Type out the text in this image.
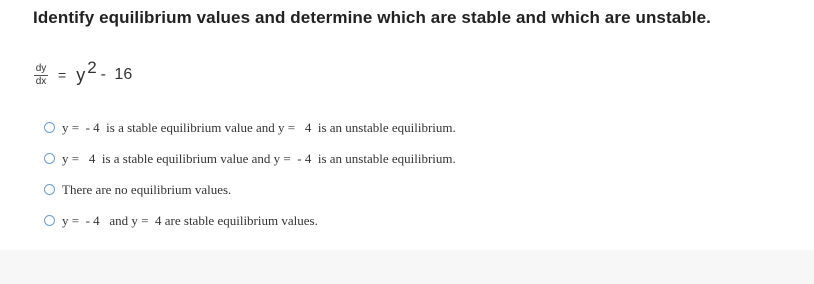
Identify equilibrium values and determine which are stable and which are unstable.
$\frac{dy}{dx} = y$ 2 - 16
y =  - 4  is a stable equilibrium value and y =   4  is an unstable equilibrium.
y =   4  is a stable equilibrium value and y =  - 4  is an unstable equilibrium.
There are no equilibrium values.
y =  - 4   and y =  4 are stable equilibrium values.
